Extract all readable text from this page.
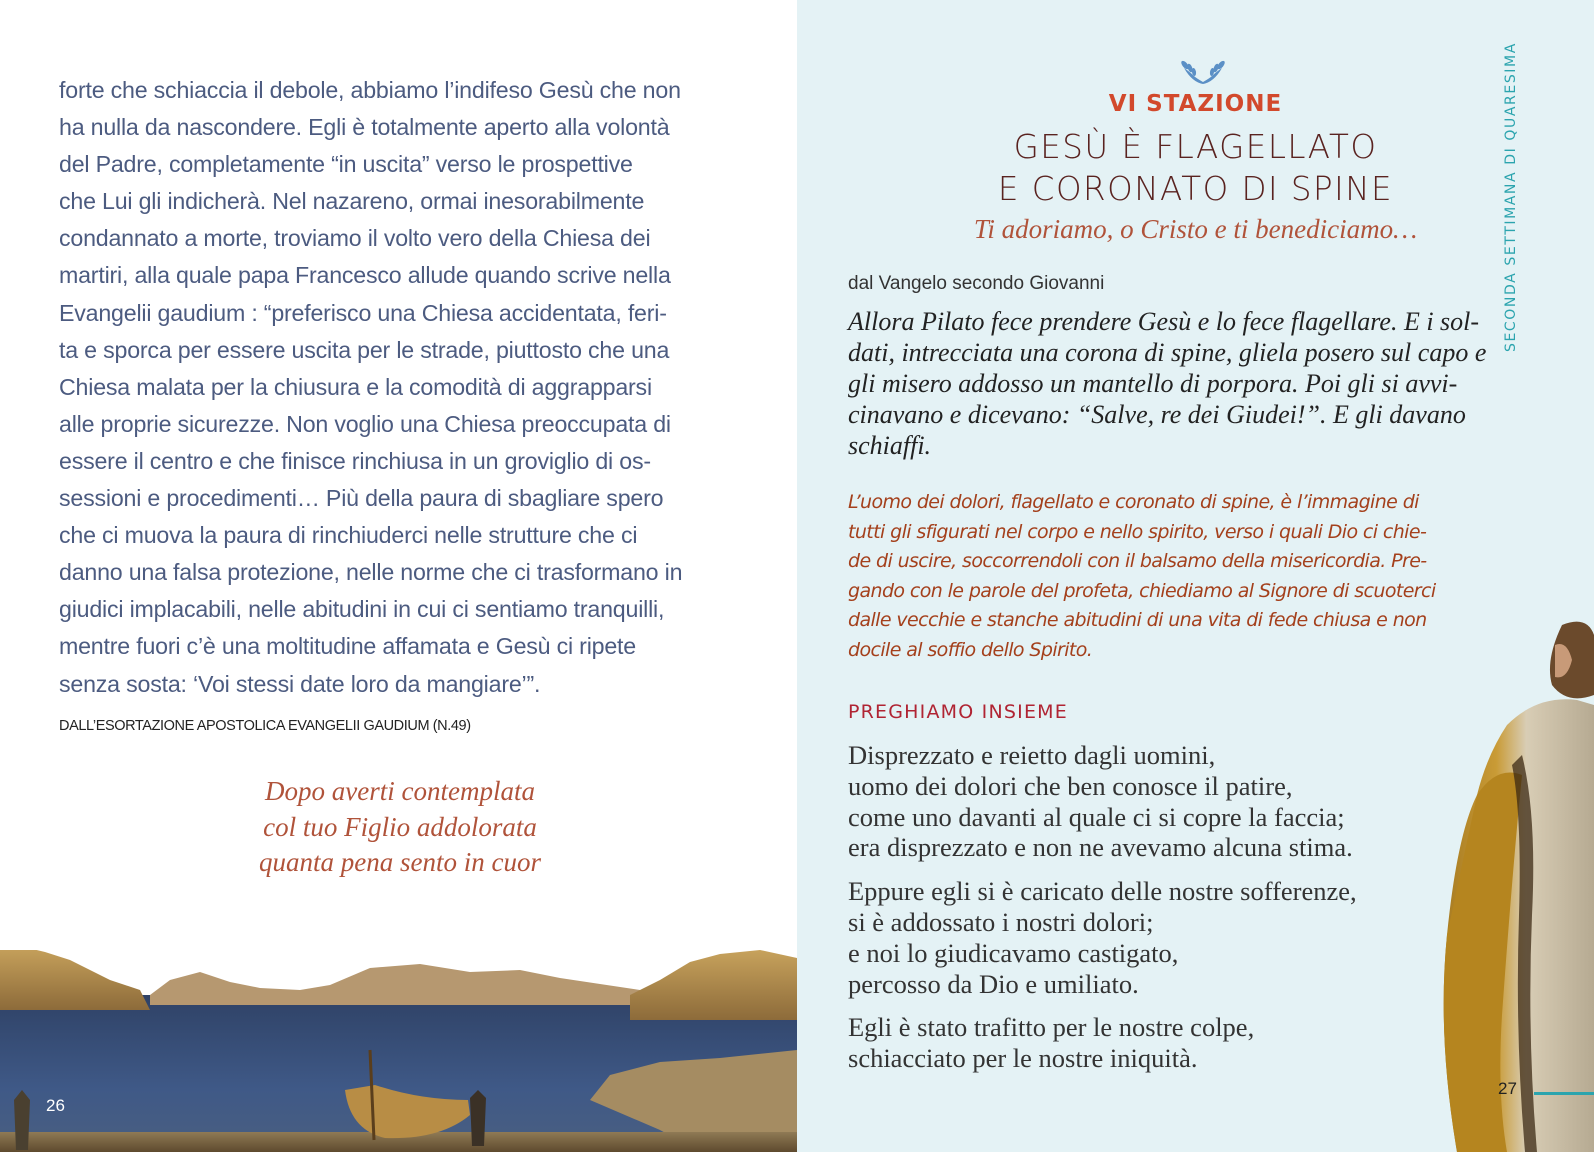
forte che schiaccia il debole, abbiamo l’indifeso Gesù che non
ha nulla da nascondere. Egli è totalmente aperto alla volontà
del Padre, completamente “in uscita” verso le prospettive
che Lui gli indicherà. Nel nazareno, ormai inesorabilmente
condannato a morte, troviamo il volto vero della Chiesa dei
martiri, alla quale papa Francesco allude quando scrive nella
Evangelii gaudium : “preferisco una Chiesa accidentata, feri-
ta e sporca per essere uscita per le strade, piuttosto che una
Chiesa malata per la chiusura e la comodità di aggrapparsi
alle proprie sicurezze. Non voglio una Chiesa preoccupata di
essere il centro e che finisce rinchiusa in un groviglio di os-
sessioni e procedimenti… Più della paura di sbagliare spero
che ci muova la paura di rinchiuderci nelle strutture che ci
danno una falsa protezione, nelle norme che ci trasformano in
giudici implacabili, nelle abitudini in cui ci sentiamo tranquilli,
mentre fuori c’è una moltitudine affamata e Gesù ci ripete
senza sosta: ‘Voi stessi date loro da mangiare’”.
DALL’ESORTAZIONE APOSTOLICA EVANGELII GAUDIUM (N.49)
Dopo averti contemplata
col tuo Figlio addolorata
quanta pena sento in cuor
26
VI STAZIONE
GESÙ È FLAGELLATO
E CORONATO DI SPINE
Ti adoriamo, o Cristo e ti benediciamo…
dal Vangelo secondo Giovanni
Allora Pilato fece prendere Gesù e lo fece flagellare. E i sol-
dati, intrecciata una corona di spine, gliela posero sul capo e
gli misero addosso un mantello di porpora. Poi gli si avvi-
cinavano e dicevano: “Salve, re dei Giudei!”. E gli davano
schiaffi.
L’uomo dei dolori, flagellato e coronato di spine, è l’immagine di
tutti gli sfigurati nel corpo e nello spirito, verso i quali Dio ci chie-
de di uscire, soccorrendoli con il balsamo della misericordia. Pre-
gando con le parole del profeta, chiediamo al Signore di scuoterci
dalle vecchie e stanche abitudini di una vita di fede chiusa e non
docile al soffio dello Spirito.
PREGHIAMO INSIEME
Disprezzato e reietto dagli uomini,
uomo dei dolori che ben conosce il patire,
come uno davanti al quale ci si copre la faccia;
era disprezzato e non ne avevamo alcuna stima.
Eppure egli si è caricato delle nostre sofferenze,
si è addossato i nostri dolori;
e noi lo giudicavamo castigato,
percosso da Dio e umiliato.
Egli è stato trafitto per le nostre colpe,
schiacciato per le nostre iniquità.
SECONDA SETTIMANA DI QUARESIMA
27
